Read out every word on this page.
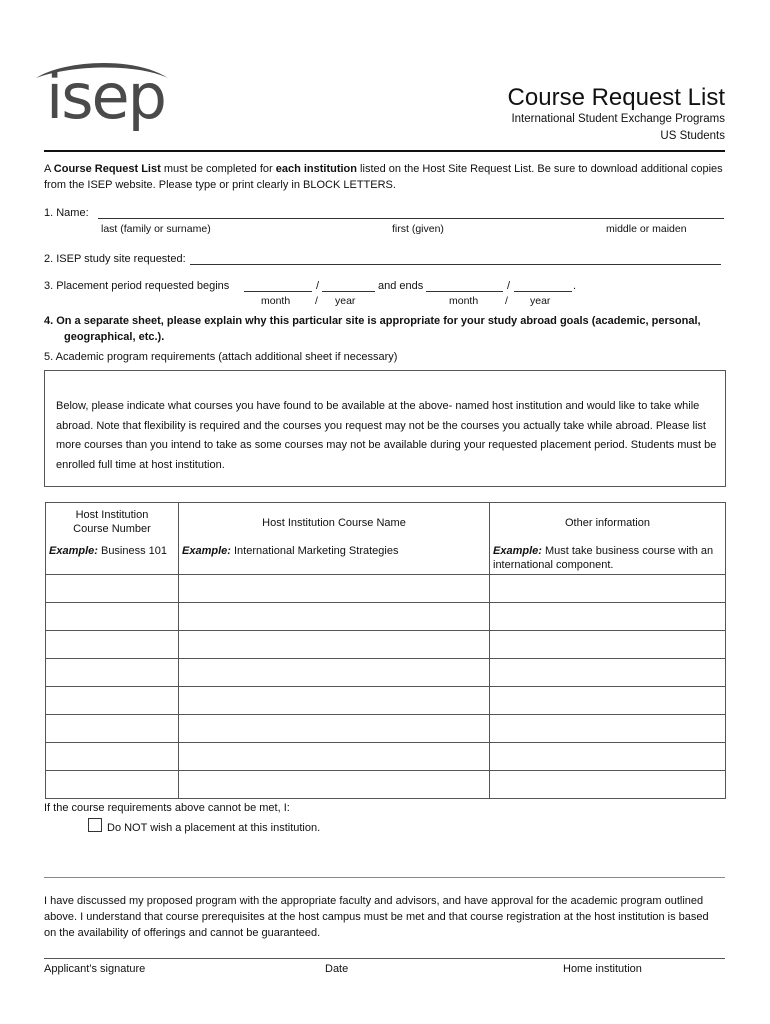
isep	Course Request List
International Student Exchange Programs
US Students
A Course Request List must be completed for each institution listed on the Host Site Request List. Be sure to download additional copies
from the ISEP website. Please type or print clearly in BLOCK LETTERS.
1. Name:
last (family or surname)	first (given)	middle or maiden
2. ISEP study site requested:
3. Placement period requested begins	/	and ends	/	.
month / year	month	/ year
4. On a separate sheet, please explain why this particular site is appropriate for your study abroad goals (academic, personal,
geographical, etc.).
5. Academic program requirements (attach additional sheet if necessary)
Below, please indicate what courses you have found to be available at the above- named host institution and would like to take while
abroad. Note that flexibility is required and the courses you request may not be the courses you actually take while abroad. Please list
more courses than you intend to take as some courses may not be available during your requested placement period. Students must be
enrolled full time at host institution.
Host Institution
Course Number	Host Institution Course Name	Other information
Example: Business 101	Example: International Marketing Strategies	Example: Must take business course with an
international component.

If the course requirements above cannot be met, I:
Do NOT wish a placement at this institution.
I have discussed my proposed program with the appropriate faculty and advisors, and have approval for the academic program outlined
above. I understand that course prerequisites at the host campus must be met and that course registration at the host institution is based
on the availability of offerings and cannot be guaranteed.
Applicant’s signature	Date	Home institution
